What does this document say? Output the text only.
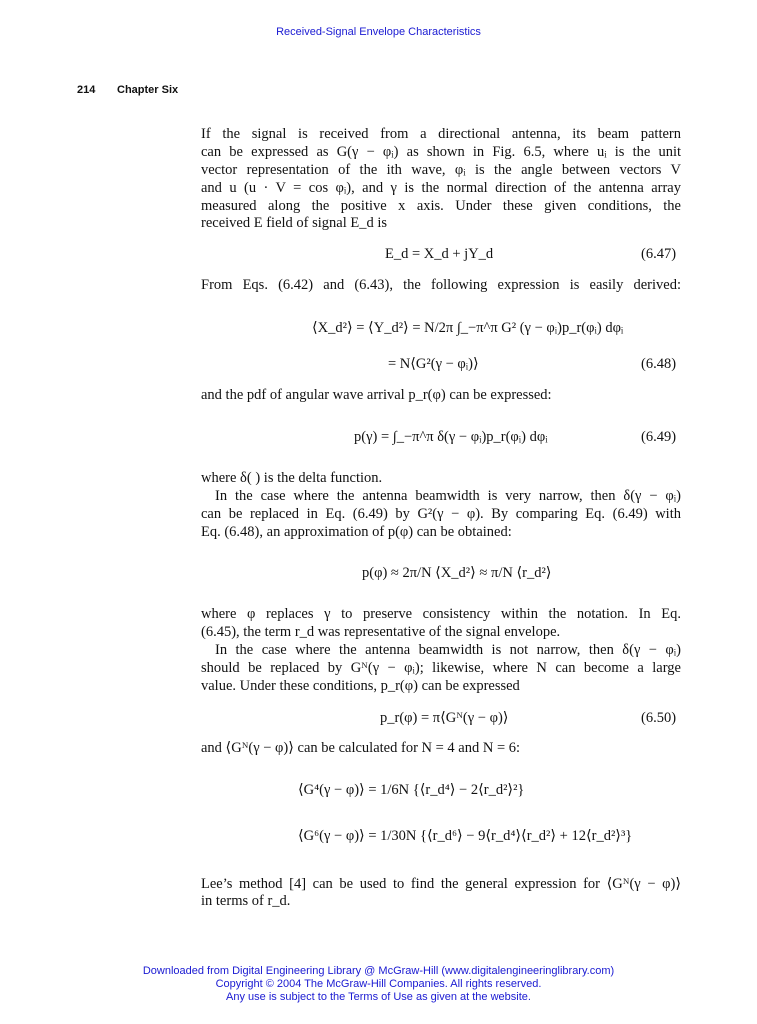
Received-Signal Envelope Characteristics
214 Chapter Six
If the signal is received from a directional antenna, its beam pattern
can be expressed as G(γ − φᵢ) as shown in Fig. 6.5, where uᵢ is the unit
vector representation of the ith wave, φᵢ is the angle between vectors V
and u (u · V = cos φᵢ), and γ is the normal direction of the antenna array
measured along the positive x axis. Under these given conditions, the
received E field of signal E_d is
E_d = X_d + jY_d	(6.47)
From Eqs. (6.42) and (6.43), the following expression is easily derived:
⟨X_d²⟩ = ⟨Y_d²⟩ = N/2π ∫_−π^π G² (γ − φᵢ)p_r(φᵢ) dφᵢ
= N⟨G²(γ − φᵢ)⟩	(6.48)
and the pdf of angular wave arrival p_r(φ) can be expressed:
p(γ) = ∫_−π^π δ(γ − φᵢ)p_r(φᵢ) dφᵢ	(6.49)
where δ( ) is the delta function.
In the case where the antenna beamwidth is very narrow, then δ(γ − φᵢ)
can be replaced in Eq. (6.49) by G²(γ − φ). By comparing Eq. (6.49) with
Eq. (6.48), an approximation of p(φ) can be obtained:
p(φ) ≈ 2π/N ⟨X_d²⟩ ≈ π/N ⟨r_d²⟩
where φ replaces γ to preserve consistency within the notation. In Eq.
(6.45), the term r_d was representative of the signal envelope.
In the case where the antenna beamwidth is not narrow, then δ(γ − φᵢ)
should be replaced by Gᴺ(γ − φᵢ); likewise, where N can become a large
value. Under these conditions, p_r(φ) can be expressed
p_r(φ) = π⟨Gᴺ(γ − φ)⟩	(6.50)
and ⟨Gᴺ(γ − φ)⟩ can be calculated for N = 4 and N = 6:
⟨G⁴(γ − φ)⟩ = 1/6N {⟨r_d⁴⟩ − 2⟨r_d²⟩²}
⟨G⁶(γ − φ)⟩ = 1/30N {⟨r_d⁶⟩ − 9⟨r_d⁴⟩⟨r_d²⟩ + 12⟨r_d²⟩³}
Lee’s method [4] can be used to find the general expression for ⟨Gᴺ(γ − φ)⟩
in terms of r_d.
Downloaded from Digital Engineering Library @ McGraw-Hill (www.digitalengineeringlibrary.com)
Copyright © 2004 The McGraw-Hill Companies. All rights reserved.
Any use is subject to the Terms of Use as given at the website.
